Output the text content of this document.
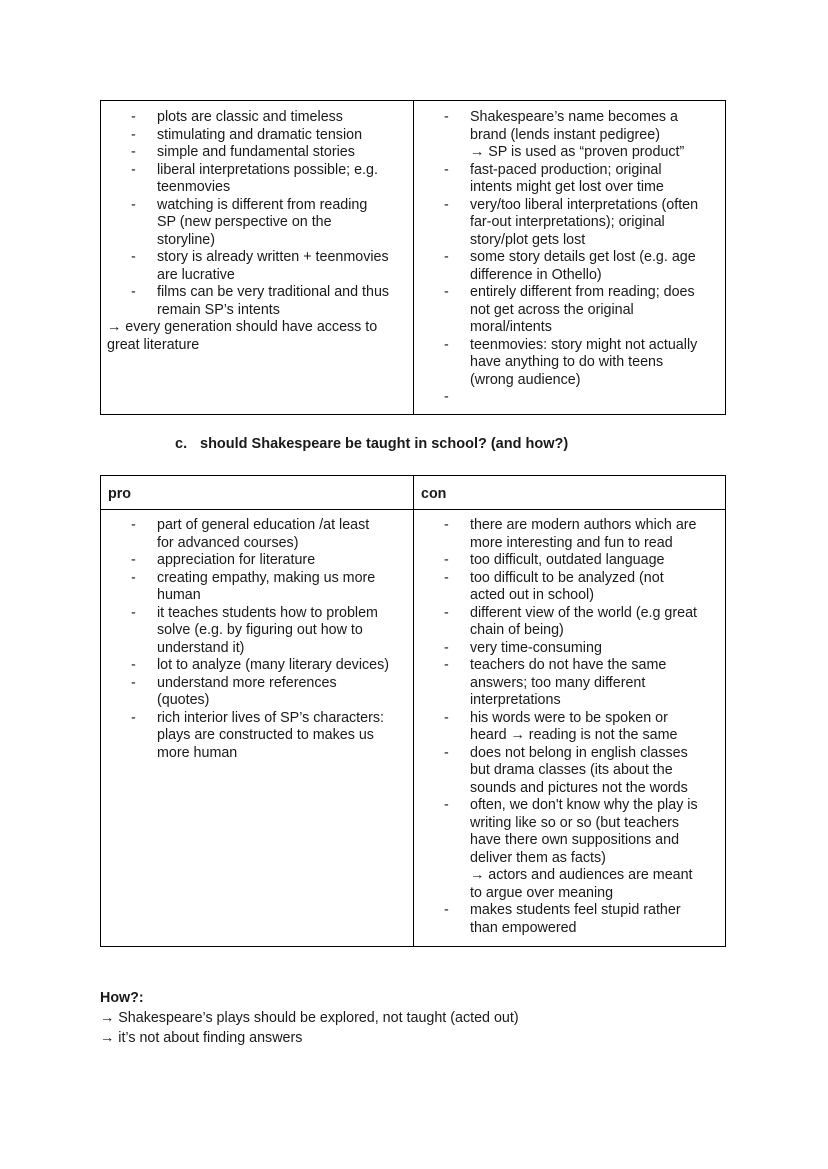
- plots are classic and timeless
- stimulating and dramatic tension
- simple and fundamental stories
- liberal interpretations possible; e.g.
teenmovies
- watching is different from reading
SP (new perspective on the
storyline)
- story is already written + teenmovies
are lucrative
- films can be very traditional and thus
remain SP’s intents
→ every generation should have access to
great literature
- Shakespeare’s name becomes a
brand (lends instant pedigree)
→ SP is used as “proven product”
- fast-paced production; original
intents might get lost over time
- very/too liberal interpretations (often
far-out interpretations); original
story/plot gets lost
- some story details get lost (e.g. age
difference in Othello)
- entirely different from reading; does
not get across the original
moral/intents
- teenmovies: story might not actually
have anything to do with teens
(wrong audience)
-
c. should Shakespeare be taught in school? (and how?)
pro	con
- part of general education /at least
for advanced courses)
- appreciation for literature
- creating empathy, making us more
human
- it teaches students how to problem
solve (e.g. by figuring out how to
understand it)
- lot to analyze (many literary devices)
- understand more references
(quotes)
- rich interior lives of SP’s characters:
plays are constructed to makes us
more human
- there are modern authors which are
more interesting and fun to read
- too difficult, outdated language
- too difficult to be analyzed (not
acted out in school)
- different view of the world (e.g great
chain of being)
- very time-consuming
- teachers do not have the same
answers; too many different
interpretations
- his words were to be spoken or
heard → reading is not the same
- does not belong in english classes
but drama classes (its about the
sounds and pictures not the words
- often, we don't know why the play is
writing like so or so (but teachers
have there own suppositions and
deliver them as facts)
→ actors and audiences are meant
to argue over meaning
- makes students feel stupid rather
than empowered
How?:
→ Shakespeare’s plays should be explored, not taught (acted out)
→ it’s not about finding answers
